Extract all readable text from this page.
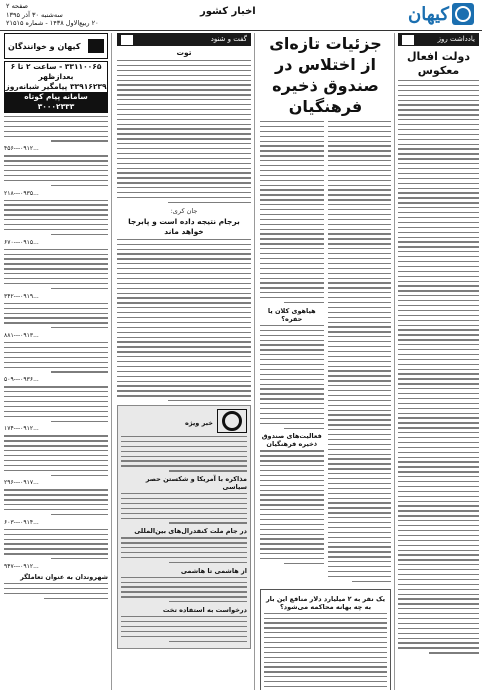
کیهان
اخبار کشور
صفحه ۲
سه‌شنبه ۳۰ آذر ۱۳۹۵
۲۰ ربیع‌الاول ۱۴۳۸ - شماره ۲۱۵۱۵
یادداشت روز
دولت افعال معکوس
جزئیات تازه‌ای از اختلاس در صندوق ذخیره فرهنگیان
هیاهوی کلان یا حفره؟
فعالیت‌های صندوق ذخیره فرهنگیان
یک نفر به ۲ میلیارد دلار منافع این بار به چه بهانه محاکمه می‌شود؟
گفت و شنود
توت
جان کری:
برجام نتیجه داده است و پابرجا خواهد ماند
خبر ویژه
مذاکره با آمریکا و شکستن حصر سیاسی
در جام ملت کنفدرال‌های بین‌المللی
از هاشمی تا هاشمی
درخواست به استفاده تخت
کیهان و خوانندگان
۳۳۱۱۰۰۶۵ - ساعت ۲ تا ۶ بعدازظهر
۳۳۹۱۶۲۳۹ پیامگیر شبانه‌روز
سامانه پیام کوتاه ۳۰۰۰۲۳۳۳
...۰۹۱۲---۴۵۶
...۰۹۳۵---۲۱۸
...۰۹۱۵---۶۷۰
...۰۹۱۹---۳۴۲
...۰۹۱۳---۸۸۱
...۰۹۳۶---۵۰۹
...۰۹۱۲---۱۷۴
...۰۹۱۷---۲۹۶
...۰۹۱۴---۶۰۳
...۰۹۱۲---۹۴۷
شهروندان به عنوان تعاملگر
